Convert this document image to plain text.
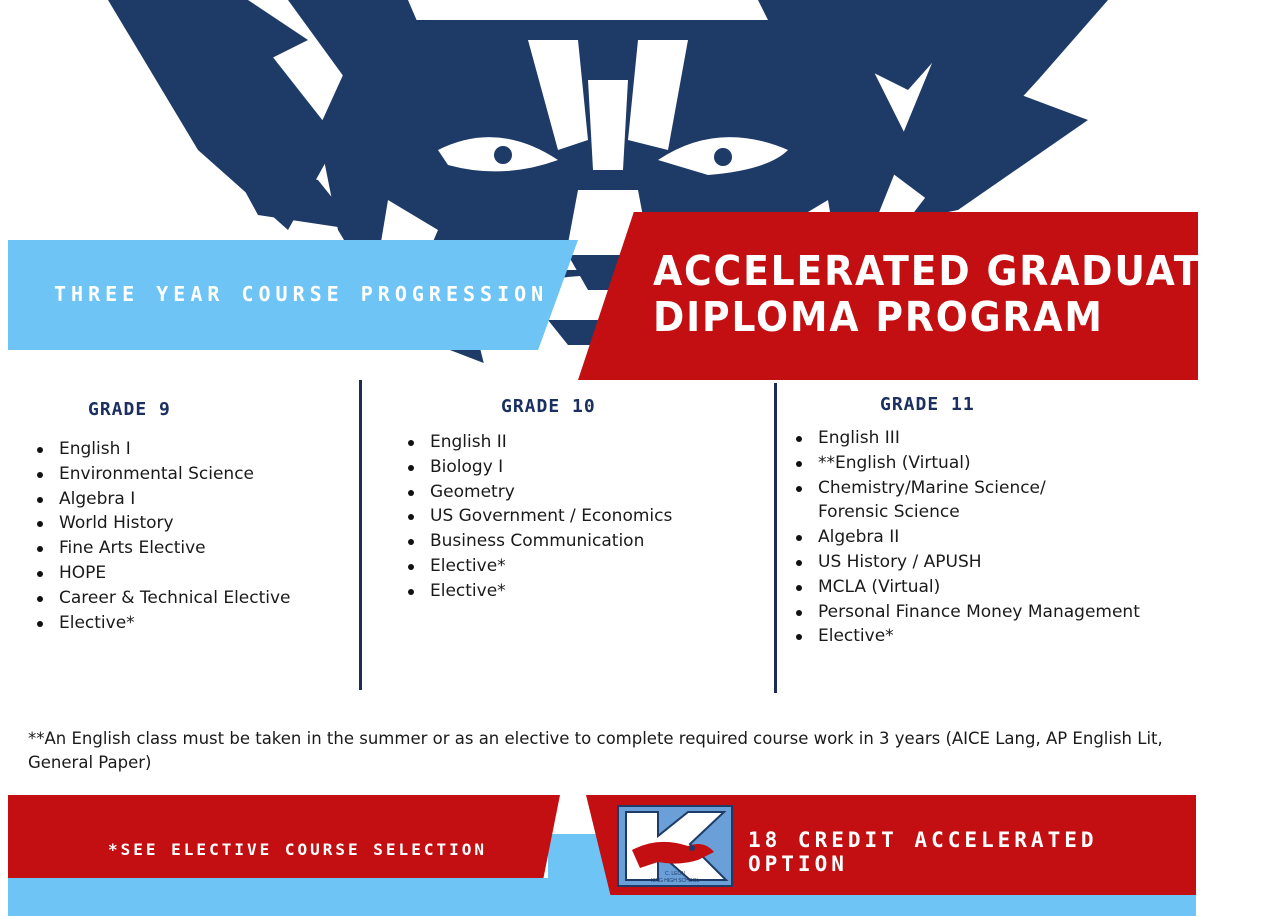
THREE YEAR COURSE PROGRESSION	ACCELERATED GRADUATION
DIPLOMA PROGRAM
GRADE 9
English I
Environmental Science
Algebra I
World History
Fine Arts Elective
HOPE
Career & Technical Elective
Elective*
GRADE 10
English II
Biology I
Geometry
US Government / Economics
Business Communication
Elective*
Elective*
GRADE 11
English III
**English (Virtual)
Chemistry/Marine Science/
Forensic Science
Algebra II
US History / APUSH
MCLA (Virtual)
Personal Finance Money Management
Elective*
**An English class must be taken in the summer or as an elective to complete required course work in 3 years (AICE Lang, AP English Lit, General Paper)
*SEE ELECTIVE COURSE SELECTION	18 CREDIT ACCELERATED OPTION
C. LEON
KING HIGH SCHOOL
